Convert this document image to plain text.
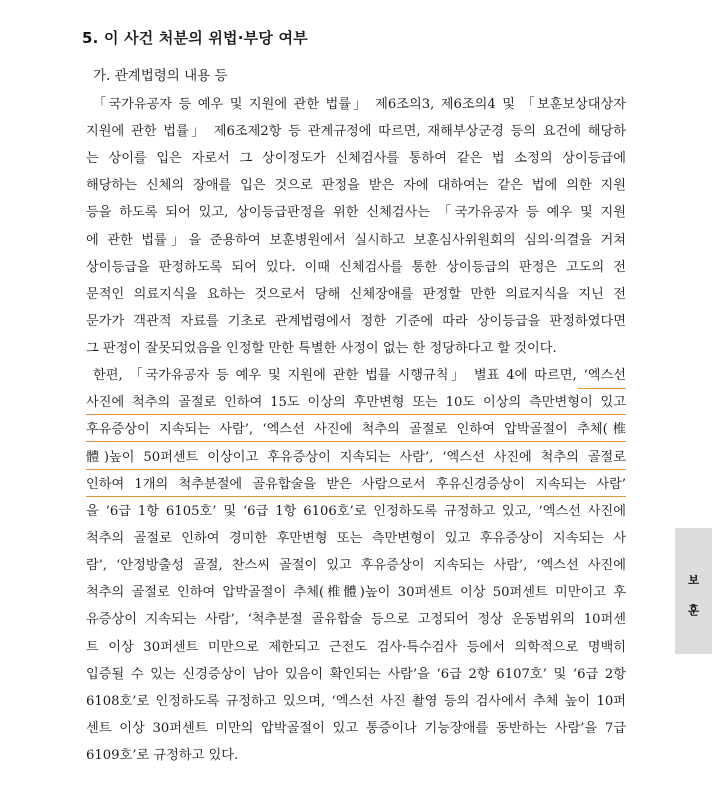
5. 이 사건 처분의 위법·부당 여부
가. 관계법령의 내용 등
「국가유공자 등 예우 및 지원에 관한 법률」 제6조의3, 제6조의4 및 「보훈보상대상자
지원에 관한 법률」 제6조제2항 등 관계규정에 따르면, 재해부상군경 등의 요건에 해당하
는 상이를 입은 자로서 그 상이정도가 신체검사를 통하여 같은 법 소정의 상이등급에
해당하는 신체의 장애를 입은 것으로 판정을 받은 자에 대하여는 같은 법에 의한 지원
등을 하도록 되어 있고, 상이등급판정을 위한 신체검사는 「국가유공자 등 예우 및 지원
에 관한 법률」을 준용하여 보훈병원에서 실시하고 보훈심사위원회의 심의·의결을 거쳐
상이등급을 판정하도록 되어 있다. 이때 신체검사를 통한 상이등급의 판정은 고도의 전
문적인 의료지식을 요하는 것으로서 당해 신체장애를 판정할 만한 의료지식을 지닌 전
문가가 객관적 자료를 기초로 관계법령에서 정한 기준에 따라 상이등급을 판정하였다면
그 판정이 잘못되었음을 인정할 만한 특별한 사정이 없는 한 정당하다고 할 것이다.
한편, 「국가유공자 등 예우 및 지원에 관한 법률 시행규칙」 별표 4에 따르면, ‘엑스선
사진에 척추의 골절로 인하여 15도 이상의 후만변형 또는 10도 이상의 측만변형이 있고
후유증상이 지속되는 사람’, ‘엑스선 사진에 척추의 골절로 인하여 압박골절이 추체(椎
體)높이 50퍼센트 이상이고 후유증상이 지속되는 사람’, ‘엑스선 사진에 척추의 골절로
인하여 1개의 척추분절에 골유합술을 받은 사람으로서 후유신경증상이 지속되는 사람’
을 ‘6급 1항 6105호’ 및 ‘6급 1항 6106호’로 인정하도록 규정하고 있고, ‘엑스선 사진에
척추의 골절로 인하여 경미한 후만변형 또는 측만변형이 있고 후유증상이 지속되는 사
람’, ‘안정방출성 골절, 찬스씨 골절이 있고 후유증상이 지속되는 사람’, ‘엑스선 사진에
척추의 골절로 인하여 압박골절이 추체(椎體)높이 30퍼센트 이상 50퍼센트 미만이고 후
유증상이 지속되는 사람’, ‘척추분절 골유합술 등으로 고정되어 정상 운동범위의 10퍼센
트 이상 30퍼센트 미만으로 제한되고 근전도 검사·특수검사 등에서 의학적으로 명백히
입증될 수 있는 신경증상이 남아 있음이 확인되는 사람’을 ‘6급 2항 6107호’ 및 ‘6급 2항
6108호’로 인정하도록 규정하고 있으며, ‘엑스선 사진 촬영 등의 검사에서 추체 높이 10퍼
센트 이상 30퍼센트 미만의 압박골절이 있고 통증이나 기능장애를 동반하는 사람’을 7급
6109호’로 규정하고 있다.
보
훈
